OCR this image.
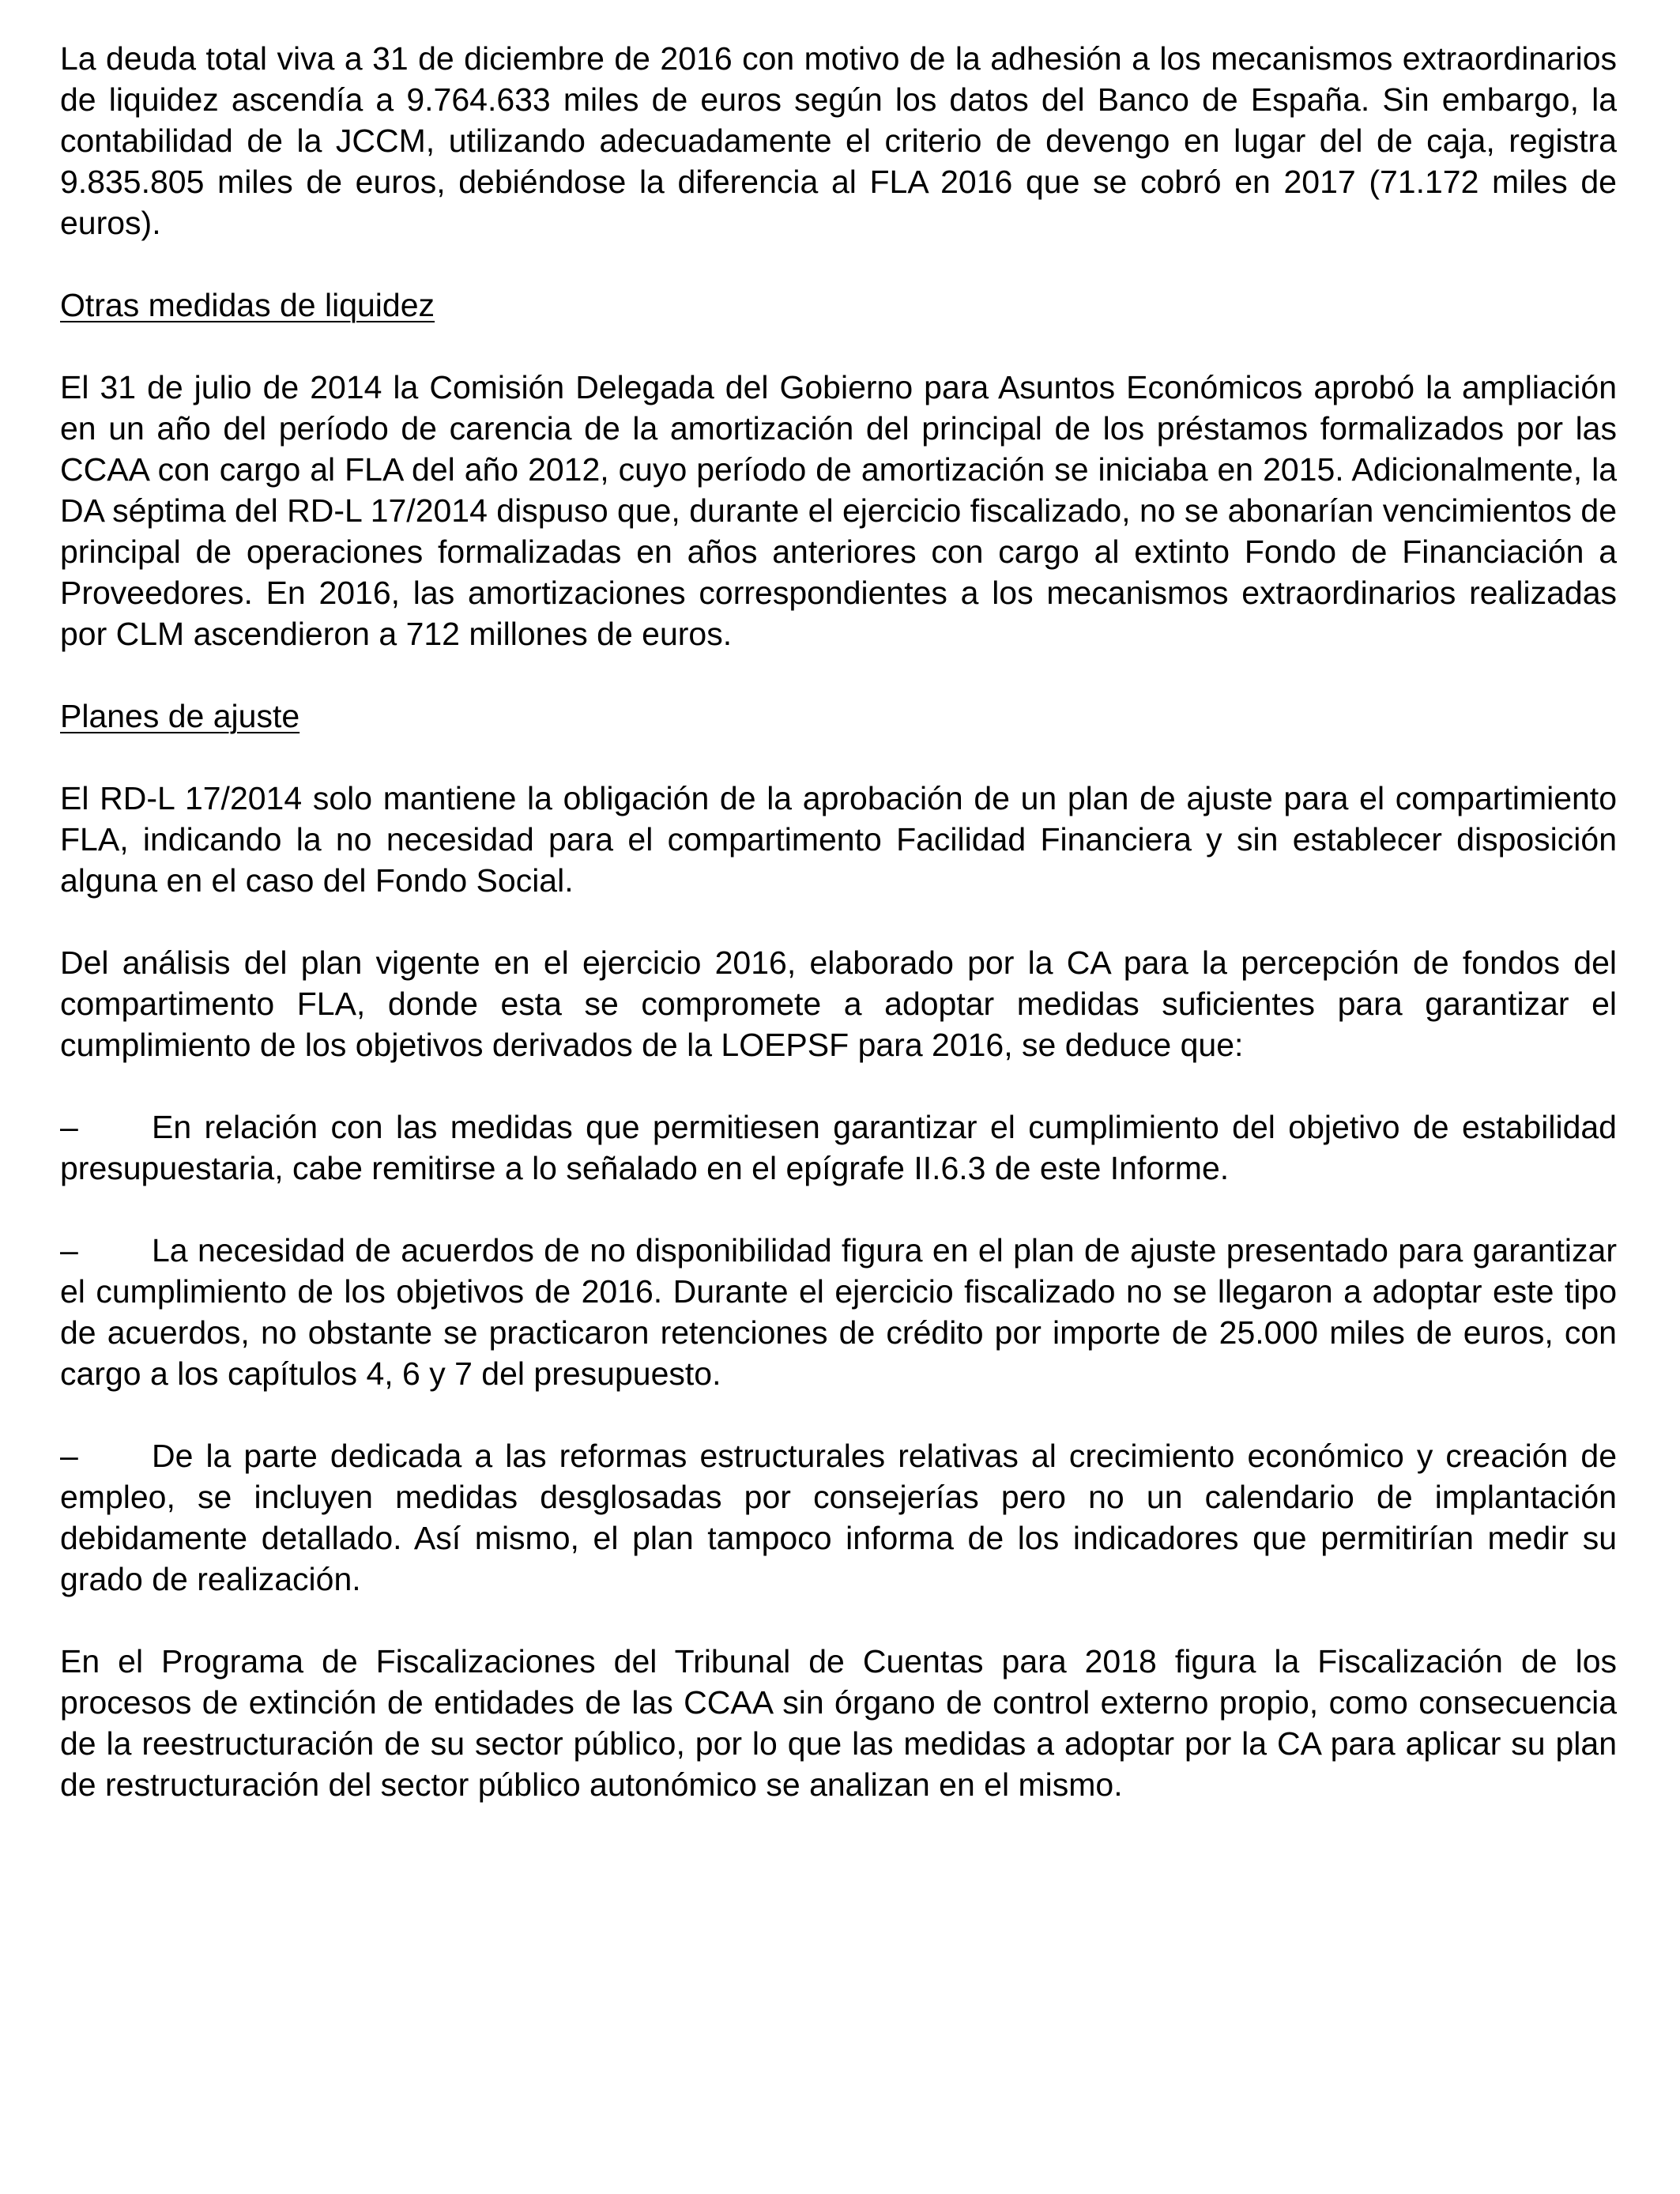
La deuda total viva a 31 de diciembre de 2016 con motivo de la adhesión a los mecanismos extraordinarios de liquidez ascendía a 9.764.633 miles de euros según los datos del Banco de España. Sin embargo, la contabilidad de la JCCM, utilizando adecuadamente el criterio de devengo en lugar del de caja, registra 9.835.805 miles de euros, debiéndose la diferencia al FLA 2016 que se cobró en 2017 (71.172 miles de euros).

Otras medidas de liquidez

El 31 de julio de 2014 la Comisión Delegada del Gobierno para Asuntos Económicos aprobó la ampliación en un año del período de carencia de la amortización del principal de los préstamos formalizados por las CCAA con cargo al FLA del año 2012, cuyo período de amortización se iniciaba en 2015. Adicionalmente, la DA séptima del RD-L 17/2014 dispuso que, durante el ejercicio fiscalizado, no se abonarían vencimientos de principal de operaciones formalizadas en años anteriores con cargo al extinto Fondo de Financiación a Proveedores. En 2016, las amortizaciones correspondientes a los mecanismos extraordinarios realizadas por CLM ascendieron a 712 millones de euros.

Planes de ajuste

El RD-L 17/2014 solo mantiene la obligación de la aprobación de un plan de ajuste para el compartimiento FLA, indicando la no necesidad para el compartimento Facilidad Financiera y sin establecer disposición alguna en el caso del Fondo Social.

Del análisis del plan vigente en el ejercicio 2016, elaborado por la CA para la percepción de fondos del compartimento FLA, donde esta se compromete a adoptar medidas suficientes para garantizar el cumplimiento de los objetivos derivados de la LOEPSF para 2016, se deduce que:

– En relación con las medidas que permitiesen garantizar el cumplimiento del objetivo de estabilidad presupuestaria, cabe remitirse a lo señalado en el epígrafe II.6.3 de este Informe.

– La necesidad de acuerdos de no disponibilidad figura en el plan de ajuste presentado para garantizar el cumplimiento de los objetivos de 2016. Durante el ejercicio fiscalizado no se llegaron a adoptar este tipo de acuerdos, no obstante se practicaron retenciones de crédito por importe de 25.000 miles de euros, con cargo a los capítulos 4, 6 y 7 del presupuesto.

– De la parte dedicada a las reformas estructurales relativas al crecimiento económico y creación de empleo, se incluyen medidas desglosadas por consejerías pero no un calendario de implantación debidamente detallado. Así mismo, el plan tampoco informa de los indicadores que permitirían medir su grado de realización.

En el Programa de Fiscalizaciones del Tribunal de Cuentas para 2018 figura la Fiscalización de los procesos de extinción de entidades de las CCAA sin órgano de control externo propio, como consecuencia de la reestructuración de su sector público, por lo que las medidas a adoptar por la CA para aplicar su plan de restructuración del sector público autonómico se analizan en el mismo.
